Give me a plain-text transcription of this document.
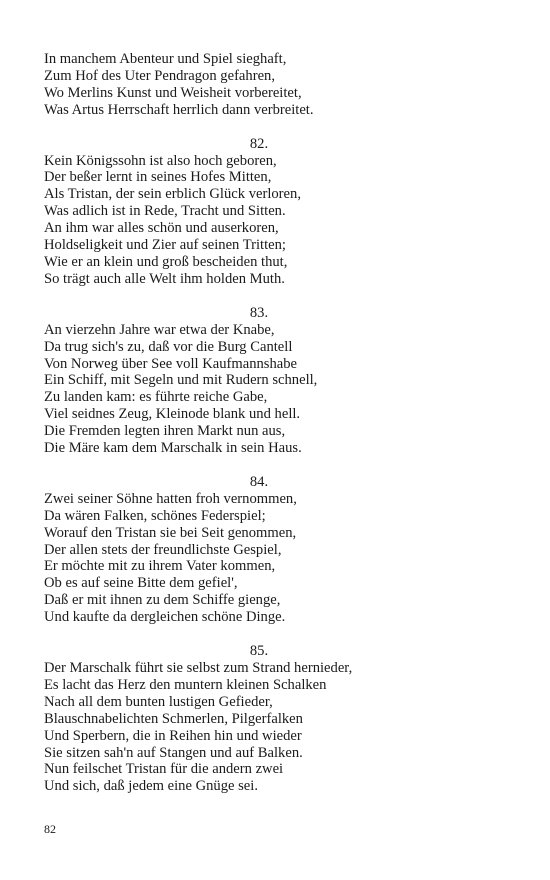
In manchem Abenteur und Spiel sieghaft,
Zum Hof des Uter Pendragon gefahren,
Wo Merlins Kunst und Weisheit vorbereitet,
Was Artus Herrschaft herrlich dann verbreitet.
82.
Kein Königssohn ist also hoch geboren,
Der beßer lernt in seines Hofes Mitten,
Als Tristan, der sein erblich Glück verloren,
Was adlich ist in Rede, Tracht und Sitten.
An ihm war alles schön und auserkoren,
Holdseligkeit und Zier auf seinen Tritten;
Wie er an klein und groß bescheiden thut,
So trägt auch alle Welt ihm holden Muth.
83.
An vierzehn Jahre war etwa der Knabe,
Da trug sich's zu, daß vor die Burg Cantell
Von Norweg über See voll Kaufmannshabe
Ein Schiff, mit Segeln und mit Rudern schnell,
Zu landen kam: es führte reiche Gabe,
Viel seidnes Zeug, Kleinode blank und hell.
Die Fremden legten ihren Markt nun aus,
Die Märe kam dem Marschalk in sein Haus.
84.
Zwei seiner Söhne hatten froh vernommen,
Da wären Falken, schönes Federspiel;
Worauf den Tristan sie bei Seit genommen,
Der allen stets der freundlichste Gespiel,
Er möchte mit zu ihrem Vater kommen,
Ob es auf seine Bitte dem gefiel',
Daß er mit ihnen zu dem Schiffe gienge,
Und kaufte da dergleichen schöne Dinge.
85.
Der Marschalk führt sie selbst zum Strand hernieder,
Es lacht das Herz den muntern kleinen Schalken
Nach all dem bunten lustigen Gefieder,
Blauschnabelichten Schmerlen, Pilgerfalken
Und Sperbern, die in Reihen hin und wieder
Sie sitzen sah'n auf Stangen und auf Balken.
Nun feilschet Tristan für die andern zwei
Und sich, daß jedem eine Gnüge sei.
82
